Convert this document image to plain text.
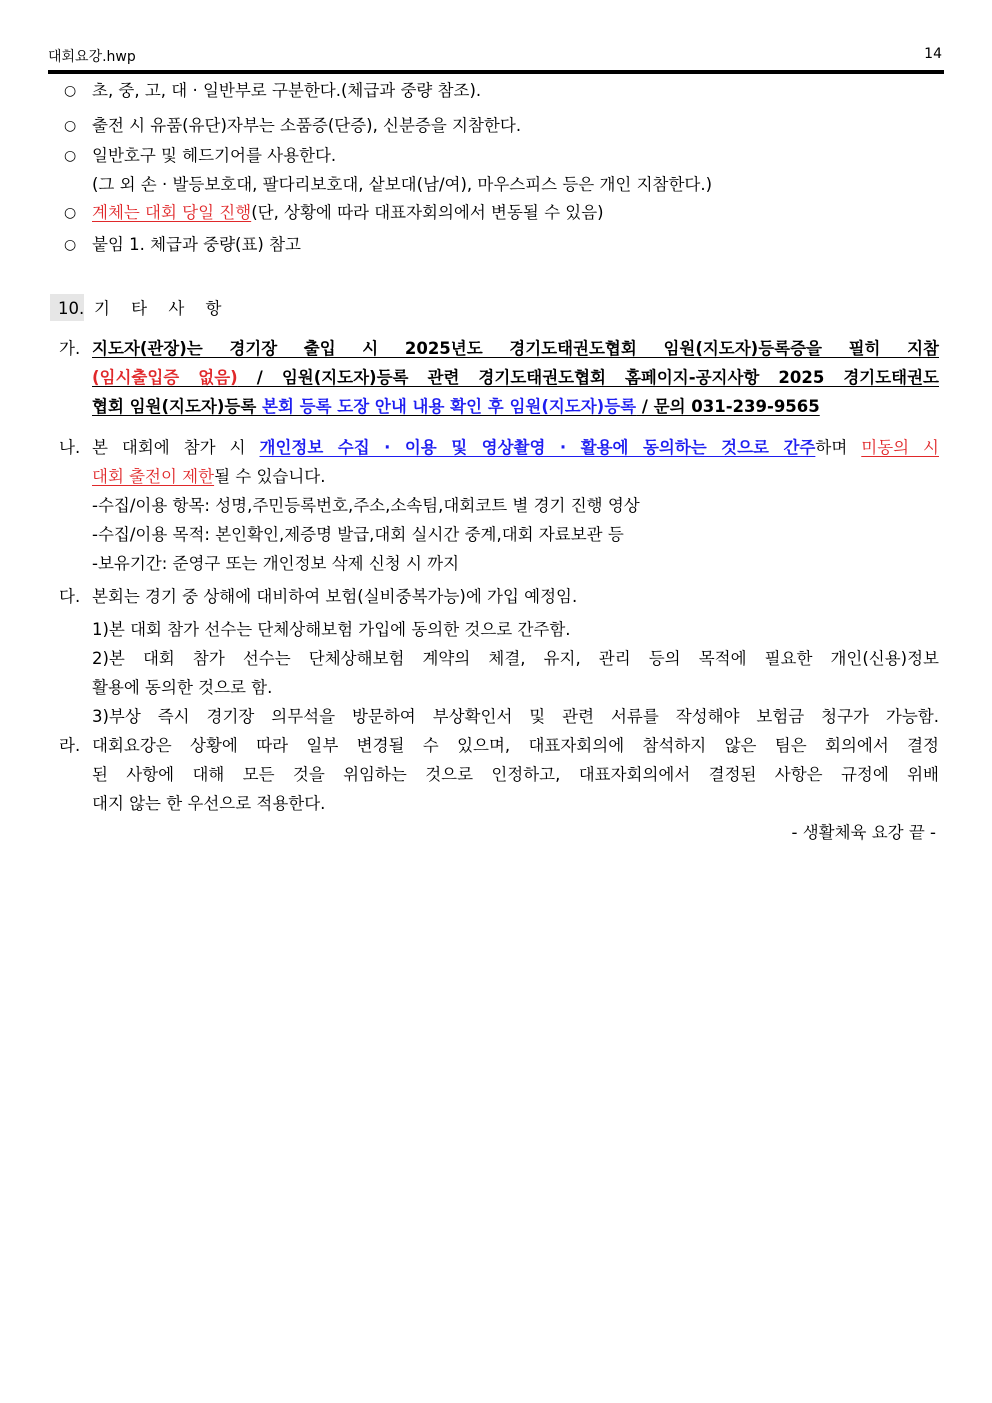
대회요강.hwp	14
○ 초, 중, 고, 대 · 일반부로 구분한다.(체급과 중량 참조).
○ 출전 시 유품(유단)자부는 소품증(단증), 신분증을 지참한다.
○ 일반호구 및 헤드기어를 사용한다.
(그 외 손 · 발등보호대, 팔다리보호대, 샅보대(남/여), 마우스피스 등은 개인 지참한다.)
○ 계체는 대회 당일 진행(단, 상황에 따라 대표자회의에서 변동될 수 있음)
○ 붙임 1. 체급과 중량(표) 참고
10. 기 타 사 항
가. 지도자(관장)는 경기장 출입 시 2025년도 경기도태권도협회 임원(지도자)등록증을 필히 지참
(임시출입증 없음) / 임원(지도자)등록 관련 경기도태권도협회 홈페이지-공지사항 2025 경기도태권도
협회 임원(지도자)등록 본회 등록 도장 안내 내용 확인 후 임원(지도자)등록 / 문의 031-239-9565
나. 본 대회에 참가 시 개인정보 수집 · 이용 및 영상촬영 · 활용에 동의하는 것으로 간주하며 미동의 시
대회 출전이 제한될 수 있습니다.
-수집/이용 항목: 성명,주민등록번호,주소,소속팀,대회코트 별 경기 진행 영상
-수집/이용 목적: 본인확인,제증명 발급,대회 실시간 중계,대회 자료보관 등
-보유기간: 준영구 또는 개인정보 삭제 신청 시 까지
다. 본회는 경기 중 상해에 대비하여 보험(실비중복가능)에 가입 예정임.
1)본 대회 참가 선수는 단체상해보험 가입에 동의한 것으로 간주함.
2)본 대회 참가 선수는 단체상해보험 계약의 체결, 유지, 관리 등의 목적에 필요한 개인(신용)정보
활용에 동의한 것으로 함.
3)부상 즉시 경기장 의무석을 방문하여 부상확인서 및 관련 서류를 작성해야 보험금 청구가 가능함.
라. 대회요강은 상황에 따라 일부 변경될 수 있으며, 대표자회의에 참석하지 않은 팀은 회의에서 결정
된 사항에 대해 모든 것을 위임하는 것으로 인정하고, 대표자회의에서 결정된 사항은 규정에 위배
대지 않는 한 우선으로 적용한다.
- 생활체육 요강 끝 -
